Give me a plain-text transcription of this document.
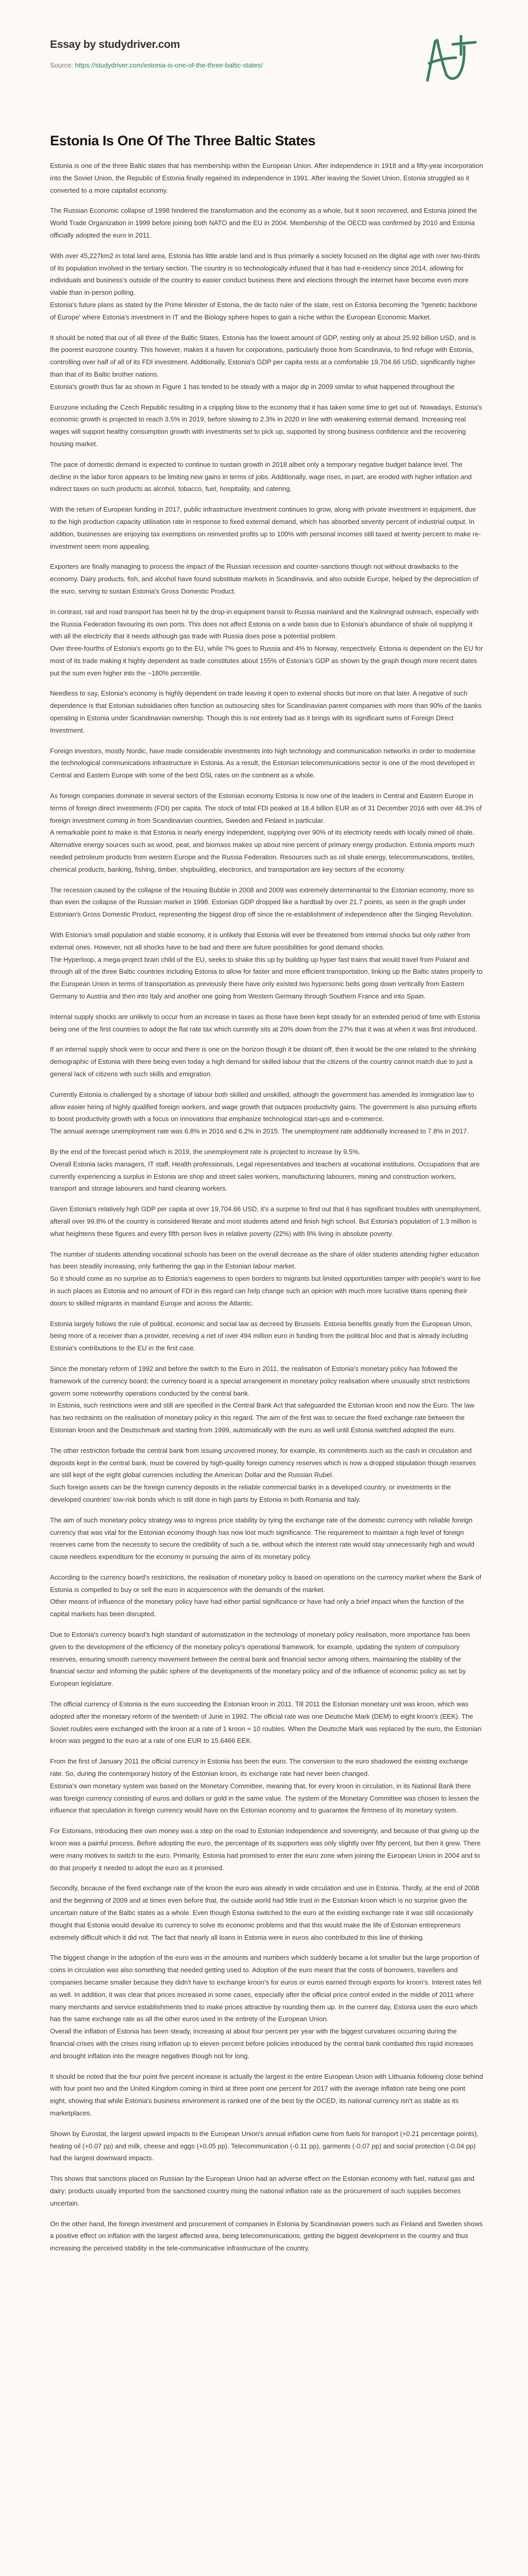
Essay by studydriver.com
Source: https://studydriver.com/estonia-is-one-of-the-three-baltic-states/
Estonia Is One Of The Three Baltic States

Estonia is one of the three Baltic states that has membership within the European Union. After independence in 1918 and a fifty-year incorporation into the Soviet Union, the Republic of Estonia finally regained its independence in 1991. After leaving the Soviet Union, Estonia struggled as it converted to a more capitalist economy.

The Russian Economic collapse of 1998 hindered the transformation and the economy as a whole, but it soon recovered, and Estonia joined the World Trade Organization in 1999 before joining both NATO and the EU in 2004. Membership of the OECD was confirmed by 2010 and Estonia officially adopted the euro in 2011.

With over 45,227km2 in total land area, Estonia has little arable land and is thus primarily a society focused on the digital age with over two-thirds of its population involved in the tertiary section. The country is so technologically infused that it has had e-residency since 2014, allowing for individuals and business's outside of the country to easier conduct business there and elections through the internet have become even more viable than in-person polling.

Estonia's future plans as stated by the Prime Minister of Estonia, the de facto ruler of the state, rest on Estonia becoming the ?genetic backbone of Europe' where Estonia's investment in IT and the Biology sphere hopes to gain a niche within the European Economic Market.

It should be noted that out of all three of the Baltic States, Estonia has the lowest amount of GDP, resting only at about 25.92 billion USD, and is the poorest eurozone country. This however, makes it a haven for corporations, particularly those from Scandinavia, to find refuge with Estonia, controlling over half of all of its FDI investment. Additionally, Estonia's GDP per capita rests at a comfortable 19,704.66 USD, significantly higher than that of its Baltic brother nations.

Estonia's growth thus far as shown in Figure 1 has tended to be steady with a major dip in 2009 similar to what happened throughout the

Eurozone including the Czech Republic resulting in a crippling blow to the economy that it has taken some time to get out of. Nowadays, Estonia's economic growth is projected to reach 3.5% in 2019, before slowing to 2.3% in 2020 in line with weakening external demand. Increasing real wages will support healthy consumption growth with investments set to pick up, supported by strong business confidence and the recovering housing market.

The pace of domestic demand is expected to continue to sustain growth in 2018 albeit only a temporary negative budget balance level. The decline in the labor force appears to be limiting new gains in terms of jobs. Additionally, wage rises, in part, are eroded with higher inflation and indirect taxes on such products as alcohol, tobacco, fuel, hospitality, and catering.

With the return of European funding in 2017, public infrastructure investment continues to grow, along with private investment in equipment, due to the high production capacity utilisation rate in response to fixed external demand, which has absorbed seventy percent of industrial output. In addition, businesses are enjoying tax exemptions on reinvested profits up to 100% with personal incomes still taxed at twenty percent to make re-investment seem more appealing.

Exporters are finally managing to process the impact of the Russian recession and counter-sanctions though not without drawbacks to the economy. Dairy products, fish, and alcohol have found substitute markets in Scandinavia, and also outside Europe, helped by the depreciation of the euro, serving to sustain Estonia's Gross Domestic Product.

In contrast, rail and road transport has been hit by the drop-in equipment transit to Russia mainland and the Kaliningrad outreach, especially with the Russia Federation favouring its own ports. This does not affect Estonia on a wide basis due to Estonia's abundance of shale oil supplying it with all the electricity that it needs although gas trade with Russia does pose a potential problem.

Over three-fourths of Estonia's exports go to the EU, while 7% goes to Russia and 4% to Norway, respectively. Estonia is dependent on the EU for most of its trade making it highly dependent as trade constitutes about 155% of Estonia's GDP as shown by the graph though more recent dates put the sum even higher into the ~180% percentile.

Needless to say, Estonia's economy is highly dependent on trade leaving it open to external shocks but more on that later. A negative of such dependence is that Estonian subsidiaries often function as outsourcing sites for Scandinavian parent companies with more than 90% of the banks operating in Estonia under Scandinavian ownership. Though this is not entirely bad as it brings with its significant sums of Foreign Direct Investment.

Foreign investors, mostly Nordic, have made considerable investments into high technology and communication networks in order to modernise the technological communications infrastructure in Estonia. As a result, the Estonian telecommunications sector is one of the most developed in Central and Eastern Europe with some of the best DSL rates on the continent as a whole.

As foreign companies dominate in several sectors of the Estonian economy Estonia is now one of the leaders in Central and Eastern Europe in terms of foreign direct investments (FDI) per capita. The stock of total FDI peaked at 18.4 billion EUR as of 31 December 2016 with over 48.3% of foreign investment coming in from Scandinavian countries, Sweden and Finland in particular.

A remarkable point to make is that Estonia is nearly energy independent, supplying over 90% of its electricity needs with locally mined oil shale. Alternative energy sources such as wood, peat, and biomass makes up about nine percent of primary energy production. Estonia imports much needed petroleum products from western Europe and the Russia Federation. Resources such as oil shale energy, telecommunications, textiles, chemical products, banking, fishing, timber, shipbuilding, electronics, and transportation are key sectors of the economy.

The recession caused by the collapse of the Housing Bubble in 2008 and 2009 was extremely determinantal to the Estonian economy, more so than even the collapse of the Russian market in 1998. Estonian GDP dropped like a hardball by over 21.7 points, as seen in the graph under Estonian's Gross Domestic Product, representing the biggest drop off since the re-establishment of independence after the Singing Revolution.

With Estonia's small population and stable economy, it is unlikely that Estonia will ever be threatened from internal shocks but only rather from external ones. However, not all shocks have to be bad and there are future possibilities for good demand shocks.

The Hyperloop, a mega-project brain child of the EU, seeks to shake this up by building up hyper fast trains that would travel from Poland and through all of the three Baltic countries including Estonia to allow for faster and more efficient transportation, linking up the Baltic states properly to the European Union in terms of transportation as previously there have only existed two hypersonic belts going down vertically from Eastern Germany to Austria and then into Italy and another one going from Western Germany through Southern France and into Spain.

Internal supply shocks are unlikely to occur from an increase in taxes as those have been kept steady for an extended period of time with Estonia being one of the first countries to adopt the flat rate tax which currently sits at 20% down from the 27% that it was at when it was first introduced.

If an internal supply shock were to occur and there is one on the horizon though it be distant off, then it would be the one related to the shrinking demographic of Estonia with there being even today a high demand for skilled labour that the citizens of the country cannot match due to just a general lack of citizens with such skills and emigration.

Currently Estonia is challenged by a shortage of labour both skilled and unskilled, although the government has amended its immigration law to allow easier hiring of highly qualified foreign workers, and wage growth that outpaces productivity gains. The government is also pursuing efforts to boost productivity growth with a focus on innovations that emphasize technological start-ups and e-commerce.

The annual average unemployment rate was 6.8% in 2016 and 6.2% in 2015. The unemployment rate additionally increased to 7.8% in 2017.

By the end of the forecast period which is 2019, the unemployment rate is projected to increase by 9.5%.

Overall Estonia lacks managers, IT staff, Health professionals, Legal representatives and teachers at vocational institutions. Occupations that are currently experiencing a surplus in Estonia are shop and street sales workers, manufacturing labourers, mining and construction workers, transport and storage labourers and hand cleaning workers.

Given Estonia's relatively high GDP per capita at over 19,704.66 USD, it's a surprise to find out that it has significant troubles with unemployment, afterall over 99.8% of the country is considered literate and most students attend and finish high school. But Estonia's population of 1.3 million is what heightens these figures and every fifth person lives in relative poverty (22%) with 8% living in absolute poverty.

The number of students attending vocational schools has been on the overall decrease as the share of older students attending higher education has been steadily increasing, only furthering the gap in the Estonian labour market.

So it should come as no surprise as to Estonia's eagerness to open borders to migrants but limited opportunities tamper with people's want to live in such places as Estonia and no amount of FDI in this regard can help change such an opinion with much more lucrative titans opening their doors to skilled migrants in mainland Europe and across the Atlantic.

Estonia largely follows the rule of political, economic and social law as decreed by Brussels. Estonia benefits greatly from the European Union, being more of a receiver than a provider, receiving a net of over 494 million euro in funding from the political bloc and that is already including Estonia's contributions to the EU in the first case.

Since the monetary reform of 1992 and before the switch to the Euro in 2011, the realisation of Estonia's monetary policy has followed the framework of the currency board; the currency board is a special arrangement in monetary policy realisation where unusually strict restrictions govern some noteworthy operations conducted by the central bank.

In Estonia, such restrictions were and still are specified in the Central Bank Act that safeguarded the Estonian kroon and now the Euro. The law has two restraints on the realisation of monetary policy in this regard. The aim of the first was to secure the fixed exchange rate between the Estonian kroon and the Deutschmark and starting from 1999, automatically with the euro as well until Estonia switched adopted the euro.

The other restriction forbade the central bank from issuing uncovered money, for example, its commitments such as the cash in circulation and deposits kept in the central bank, must be covered by high-quality foreign currency reserves which is now a dropped stipulation though reserves are still kept of the eight global currencies including the American Dollar and the Russian Rubel.

Such foreign assets can be the foreign currency deposits in the reliable commercial banks in a developed country, or investments in the developed countries' low-risk bonds which is still done in high parts by Estonia in both Romania and Italy.

The aim of such monetary policy strategy was to ingress price stability by tying the exchange rate of the domestic currency with reliable foreign currency that was vital for the Estonian economy though has now lost much significance. The requirement to maintain a high level of foreign reserves came from the necessity to secure the credibility of such a tie, without which the interest rate would stay unnecessarily high and would cause needless expenditure for the economy in pursuing the aims of its monetary policy.

According to the currency board's restrictions, the realisation of monetary policy is based on operations on the currency market where the Bank of Estonia is compelled to buy or sell the euro in acquiescence with the demands of the market.

Other means of influence of the monetary policy have had either partial significance or have had only a brief impact when the function of the capital markets has been disrupted.

Due to Estonia's currency board's high standard of automatization in the technology of monetary policy realisation, more importance has been given to the development of the efficiency of the monetary policy's operational framework, for example, updating the system of compulsory reserves, ensuring smooth currency movement between the central bank and financial sector among others, maintaining the stability of the financial sector and informing the public sphere of the developments of the monetary policy and of the influence of economic policy as set by European legislature.

The official currency of Estonia is the euro succeeding the Estonian kroon in 2011. Till 2011 the Estonian monetary unit was kroon, which was adopted after the monetary reform of the twentieth of June in 1992. The official rate was one Deutsche Mark (DEM) to eight kroon's (EEK). The Soviet roubles were exchanged with the kroon at a rate of 1 kroon = 10 roubles. When the Deutsche Mark was replaced by the euro, the Estonian kroon was pegged to the euro at a rate of one EUR to 15.6466 EEK.

From the first of January 2011 the official currency in Estonia has been the euro. The conversion to the euro shadowed the existing exchange rate. So, during the contemporary history of the Estonian kroon, its exchange rate had never been changed.

Estonia's own monetary system was based on the Monetary Committee, meaning that, for every kroon in circulation, in its National Bank there was foreign currency consisting of euros and dollars or gold in the same value. The system of the Monetary Committee was chosen to lessen the influence that speculation in foreign currency would have on the Estonian economy and to guarantee the firmness of its monetary system.

For Estonians, introducing their own money was a step on the road to Estonian independence and sovereignty, and because of that giving up the kroon was a painful process. Before adopting the euro, the percentage of its supporters was only slightly over fifty percent, but then it grew. There were many motives to switch to the euro. Primarily, Estonia had promised to enter the euro zone when joining the European Union in 2004 and to do that properly it needed to adopt the euro as it promised.

Secondly, because of the fixed exchange rate of the kroon the euro was already in wide circulation and use in Estonia. Thirdly, at the end of 2008 and the beginning of 2009 and at times even before that, the outside world had little trust in the Estonian kroon which is no surprise given the uncertain nature of the Baltic states as a whole. Even though Estonia switched to the euro at the existing exchange rate it was still occasionally thought that Estonia would devalue its currency to solve its economic problems and that this would make the life of Estonian entrepreneurs extremely difficult which it did not. The fact that nearly all loans in Estonia were in euros also contributed to this line of thinking.

The biggest change in the adoption of the euro was in the amounts and numbers which suddenly became a lot smaller but the large proportion of coins in circulation was also something that needed getting used to. Adoption of the euro meant that the costs of borrowers, travellers and companies became smaller because they didn't have to exchange kroon's for euros or euros earned through exports for kroon's. Interest rates fell as well. In addition, it was clear that prices increased in some cases, especially after the official price control ended in the middle of 2011 where many merchants and service establishments tried to make prices attractive by rounding them up. In the current day, Estonia uses the euro which has the same exchange rate as all the other euros used in the entirety of the European Union.

Overall the inflation of Estonia has been steady, increasing at about four percent per year with the biggest curvatures occurring during the financial crises with the crises rising inflation up to eleven percent before policies introduced by the central bank combatted this rapid increases and brought inflation into the meagre negatives though not for long.

It should be noted that the four point five percent increase is actually the largest in the entire European Union with Lithuania following close behind with four point two and the United Kingdom coming in third at three point one percent for 2017 with the average inflation rate being one point eight, showing that while Estonia's business environment is ranked one of the best by the OCED, its national currency isn't as stable as its marketplaces.

Shown by Eurostat, the largest upward impacts to the European Union's annual inflation came from fuels for transport (+0.21 percentage points), heating oil (+0.07 pp) and milk, cheese and eggs (+0.05 pp). Telecommunication (-0.11 pp), garments (-0.07 pp) and social protection (-0.04 pp) had the largest downward impacts.

This shows that sanctions placed on Russian by the European Union had an adverse effect on the Estonian economy with fuel, natural gas and dairy; products usually imported from the sanctioned country rising the national inflation rate as the procurement of such supplies becomes uncertain.

On the other hand, the foreign investment and procurement of companies in Estonia by Scandinavian powers such as Finland and Sweden shows a positive effect on inflation with the largest affected area, being telecommunications, getting the biggest development in the country and thus increasing the perceived stability in the tele-communicative infrastructure of the country.
